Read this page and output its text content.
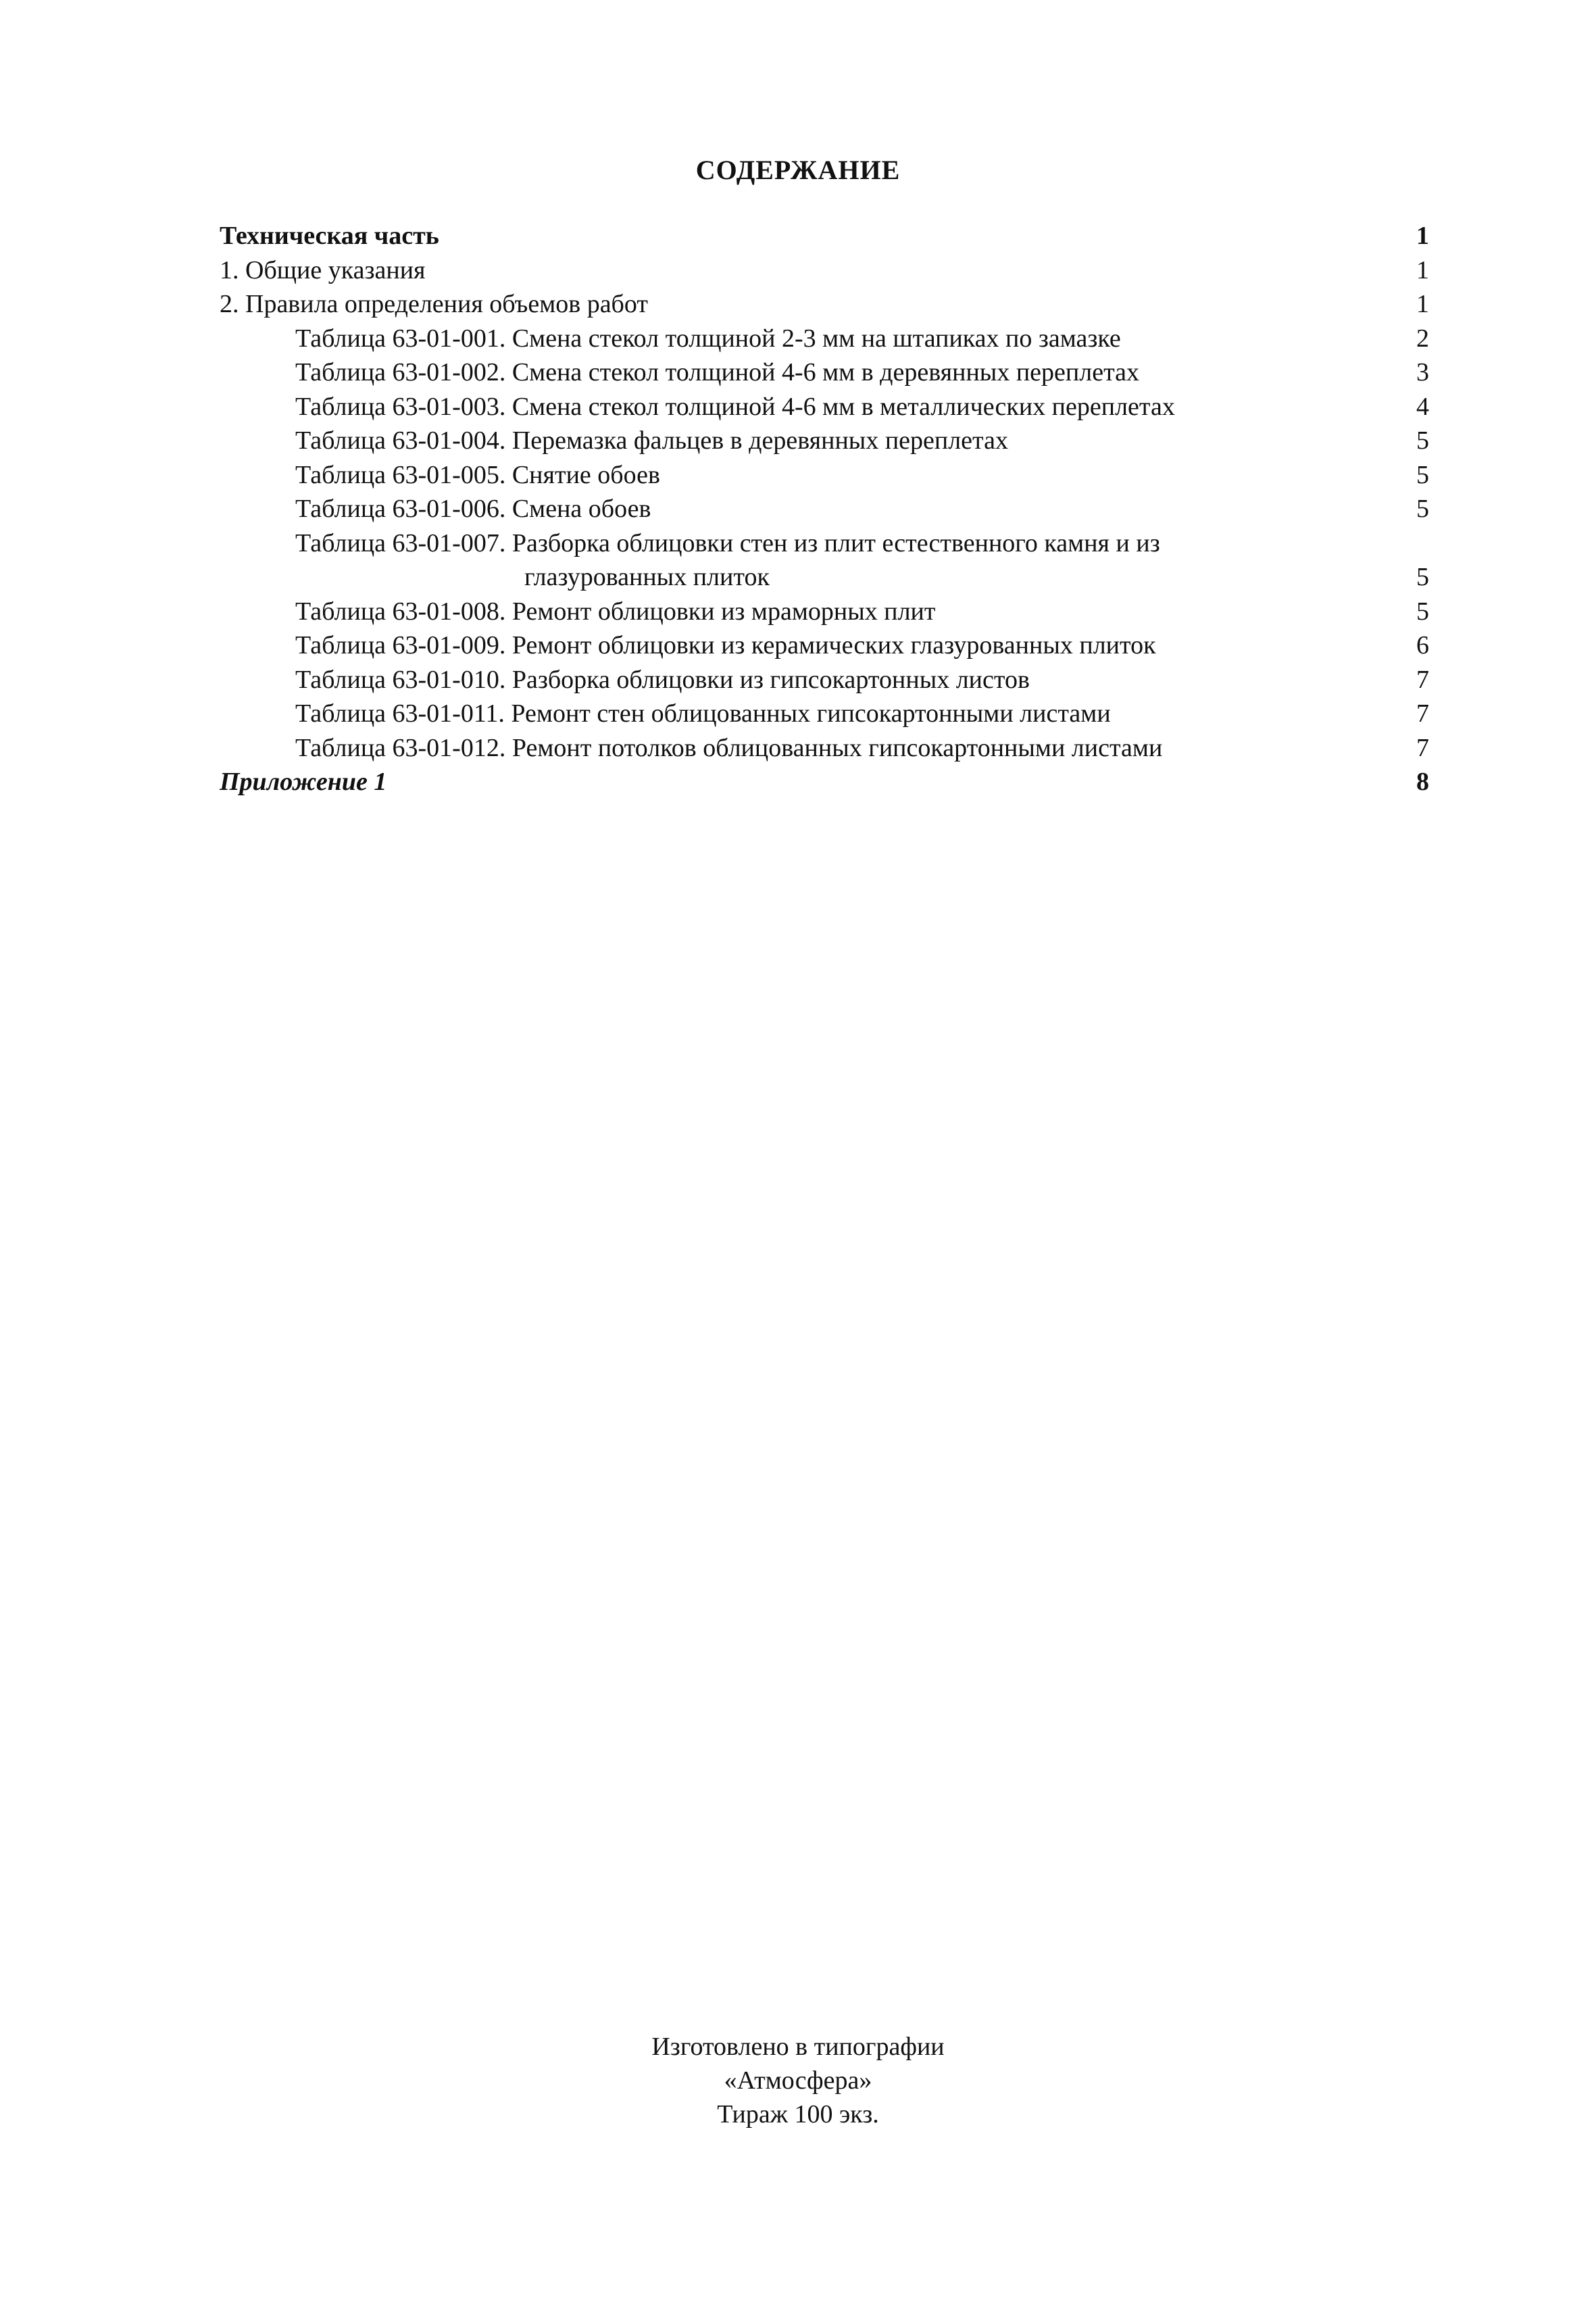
СОДЕРЖАНИЕ
Техническая часть	1
1. Общие указания	1
2. Правила определения объемов работ	1
Таблица 63-01-001. Смена стекол толщиной 2-3 мм на штапиках по замазке	2
Таблица 63-01-002. Смена стекол толщиной 4-6 мм в деревянных переплетах	3
Таблица 63-01-003. Смена стекол толщиной 4-6 мм в металлических переплетах	4
Таблица 63-01-004. Перемазка фальцев в деревянных переплетах	5
Таблица 63-01-005. Снятие обоев	5
Таблица 63-01-006. Смена обоев	5
Таблица 63-01-007. Разборка облицовки стен из плит естественного камня и из
глазурованных плиток	5
Таблица 63-01-008. Ремонт облицовки из мраморных плит	5
Таблица 63-01-009. Ремонт облицовки из керамических глазурованных плиток	6
Таблица 63-01-010. Разборка облицовки из гипсокартонных листов	7
Таблица 63-01-011. Ремонт стен облицованных гипсокартонными листами	7
Таблица 63-01-012. Ремонт потолков облицованных гипсокартонными листами	7
Приложение 1	8
Изготовлено в типографии
«Атмосфера»
Тираж 100 экз.
